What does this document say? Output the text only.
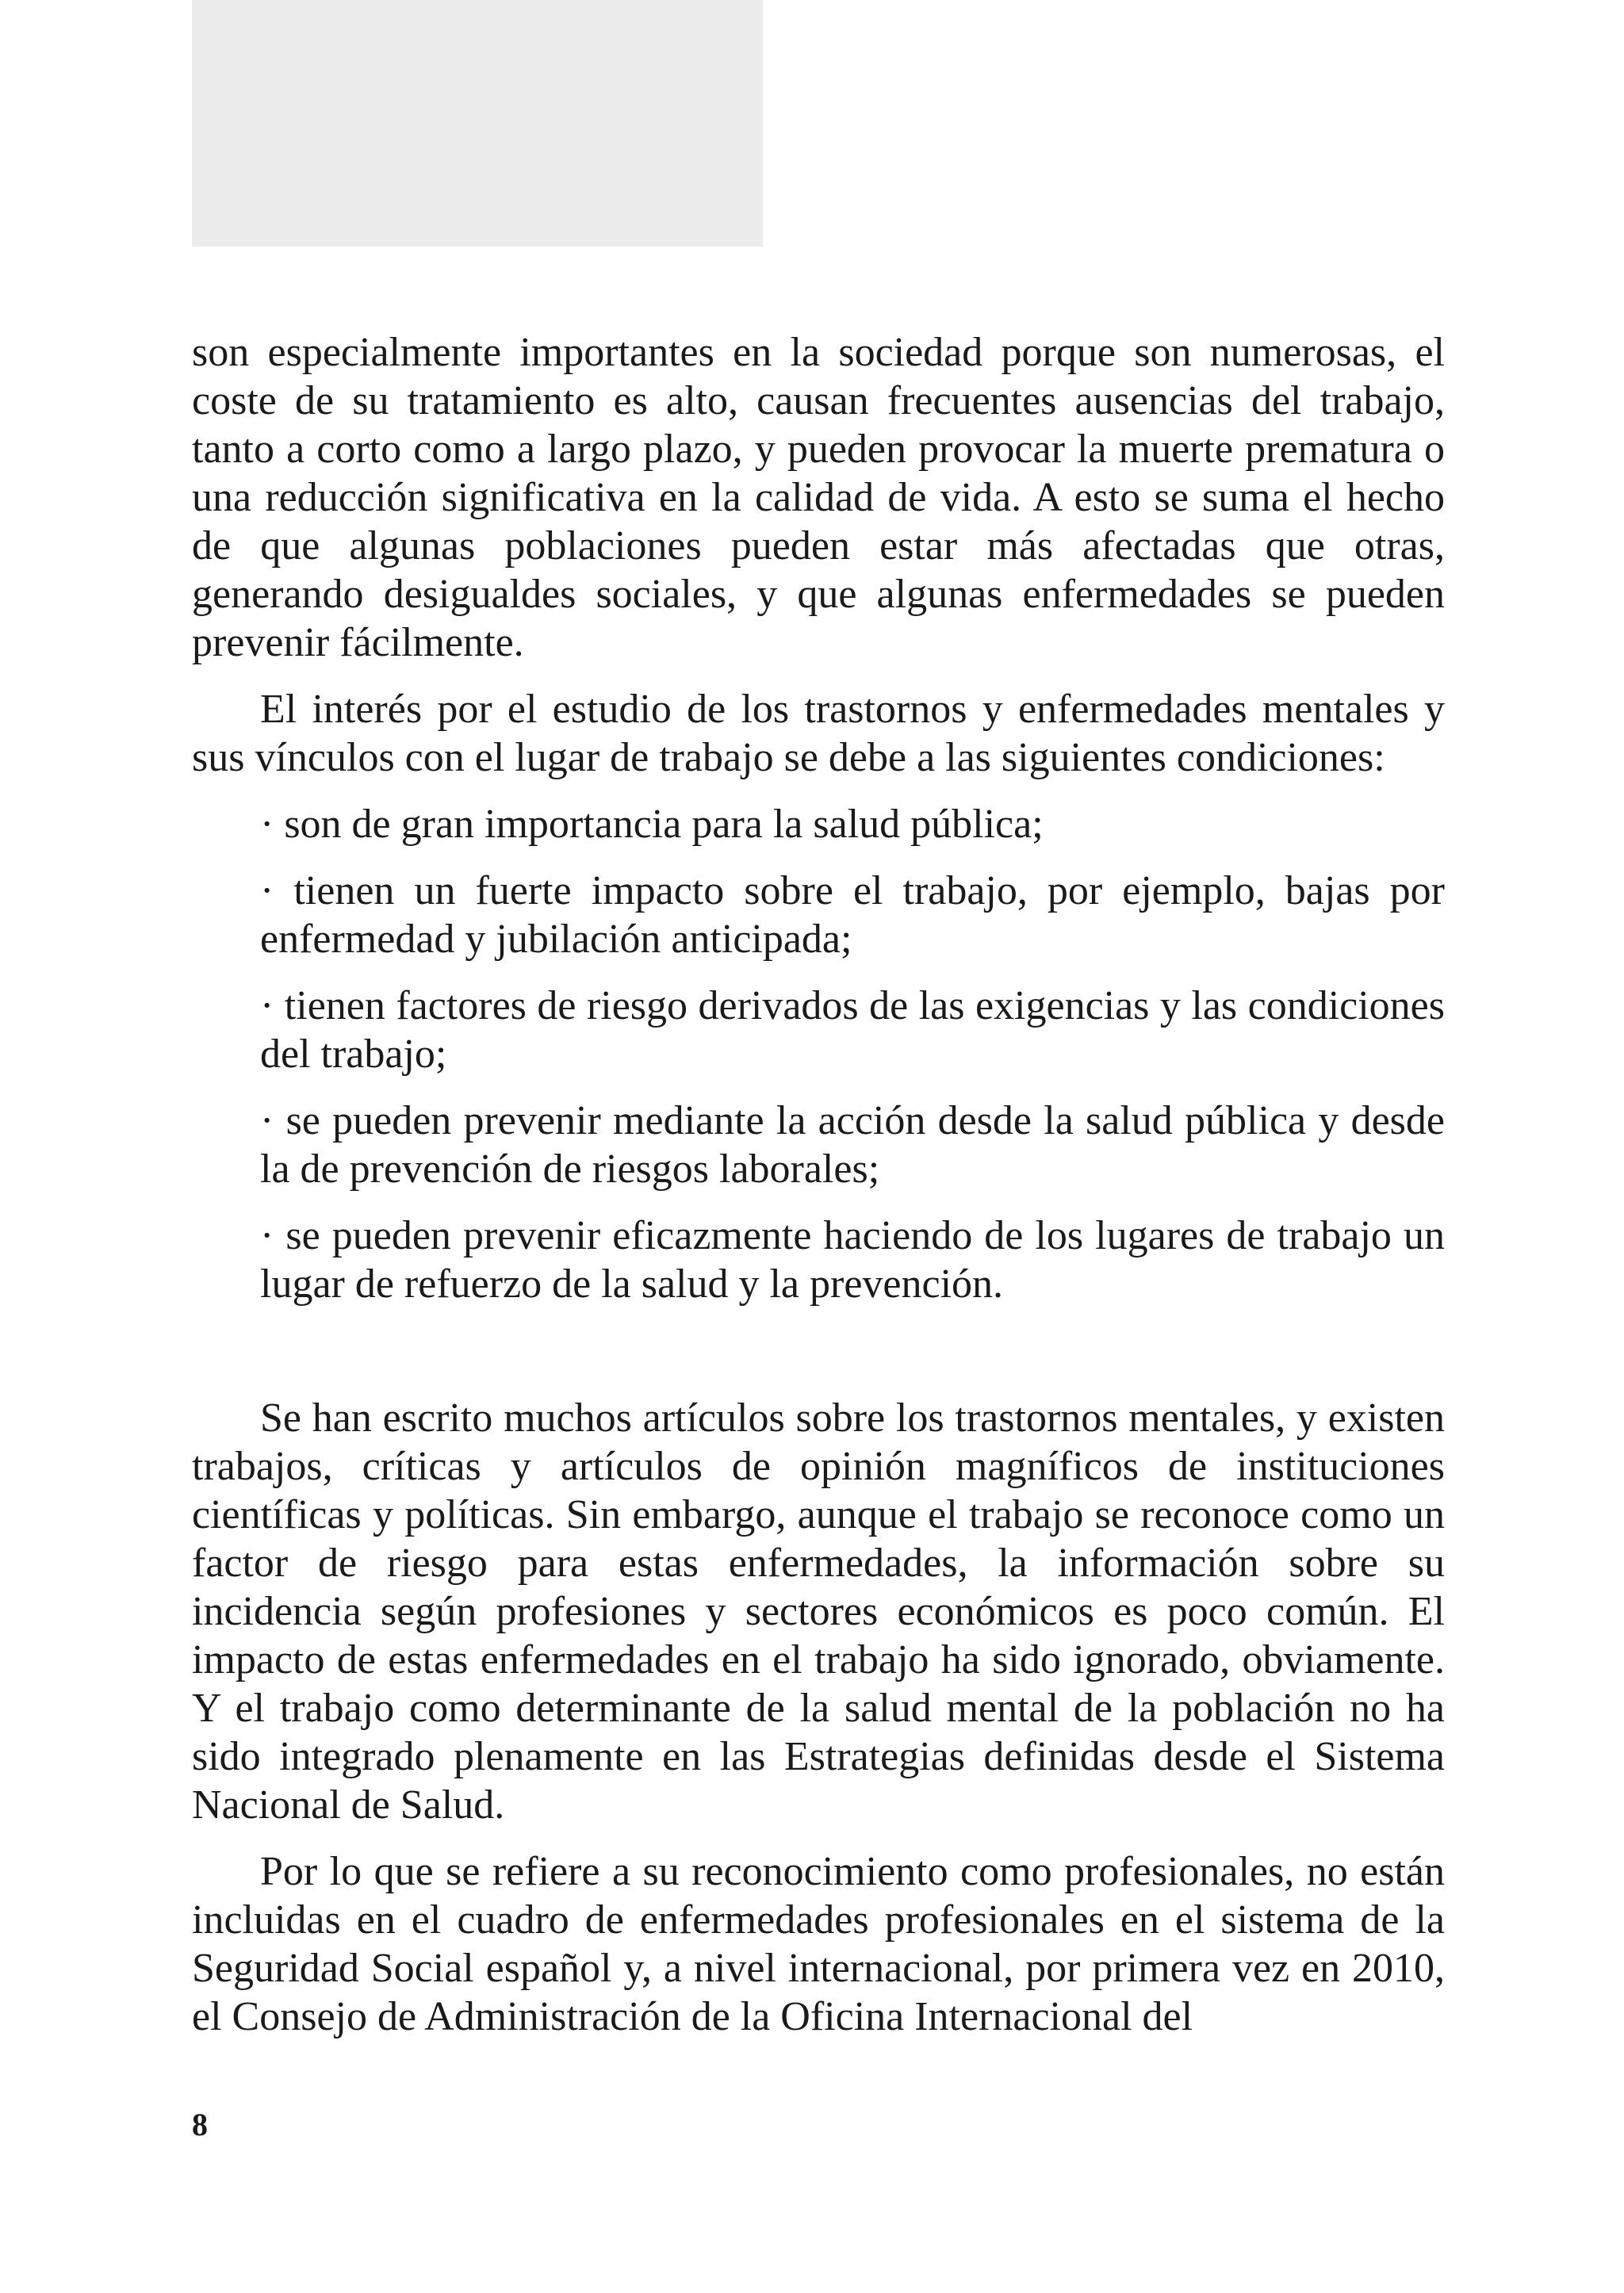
son especialmente importantes en la sociedad porque son numerosas, el coste de su tratamiento es alto, causan frecuentes ausencias del trabajo, tanto a corto como a largo plazo, y pueden provocar la muerte prematura o una reducción significativa en la calidad de vida. A esto se suma el hecho de que algunas poblaciones pueden estar más afectadas que otras, generando desigualdes sociales, y que algunas enfermedades se pueden prevenir fácilmente.

El interés por el estudio de los trastornos y enfermedades mentales y sus vínculos con el lugar de trabajo se debe a las siguientes condiciones:

· son de gran importancia para la salud pública;
· tienen un fuerte impacto sobre el trabajo, por ejemplo, bajas por enfermedad y jubilación anticipada;
· tienen factores de riesgo derivados de las exigencias y las condiciones del trabajo;
· se pueden prevenir mediante la acción desde la salud pública y desde la de prevención de riesgos laborales;
· se pueden prevenir eficazmente haciendo de los lugares de trabajo un lugar de refuerzo de la salud y la prevención.

Se han escrito muchos artículos sobre los trastornos mentales, y existen trabajos, críticas y artículos de opinión magníficos de instituciones científicas y políticas. Sin embargo, aunque el trabajo se reconoce como un factor de riesgo para estas enfermedades, la información sobre su incidencia según profesiones y sectores económicos es poco común. El impacto de estas enfermedades en el trabajo ha sido ignorado, obviamente. Y el trabajo como determinante de la salud mental de la población no ha sido integrado plenamente en las Estrategias definidas desde el Sistema Nacional de Salud.

Por lo que se refiere a su reconocimiento como profesionales, no están incluidas en el cuadro de enfermedades profesionales en el sistema de la Seguridad Social español y, a nivel internacional, por primera vez en 2010, el Consejo de Administración de la Oficina Internacional del

8
